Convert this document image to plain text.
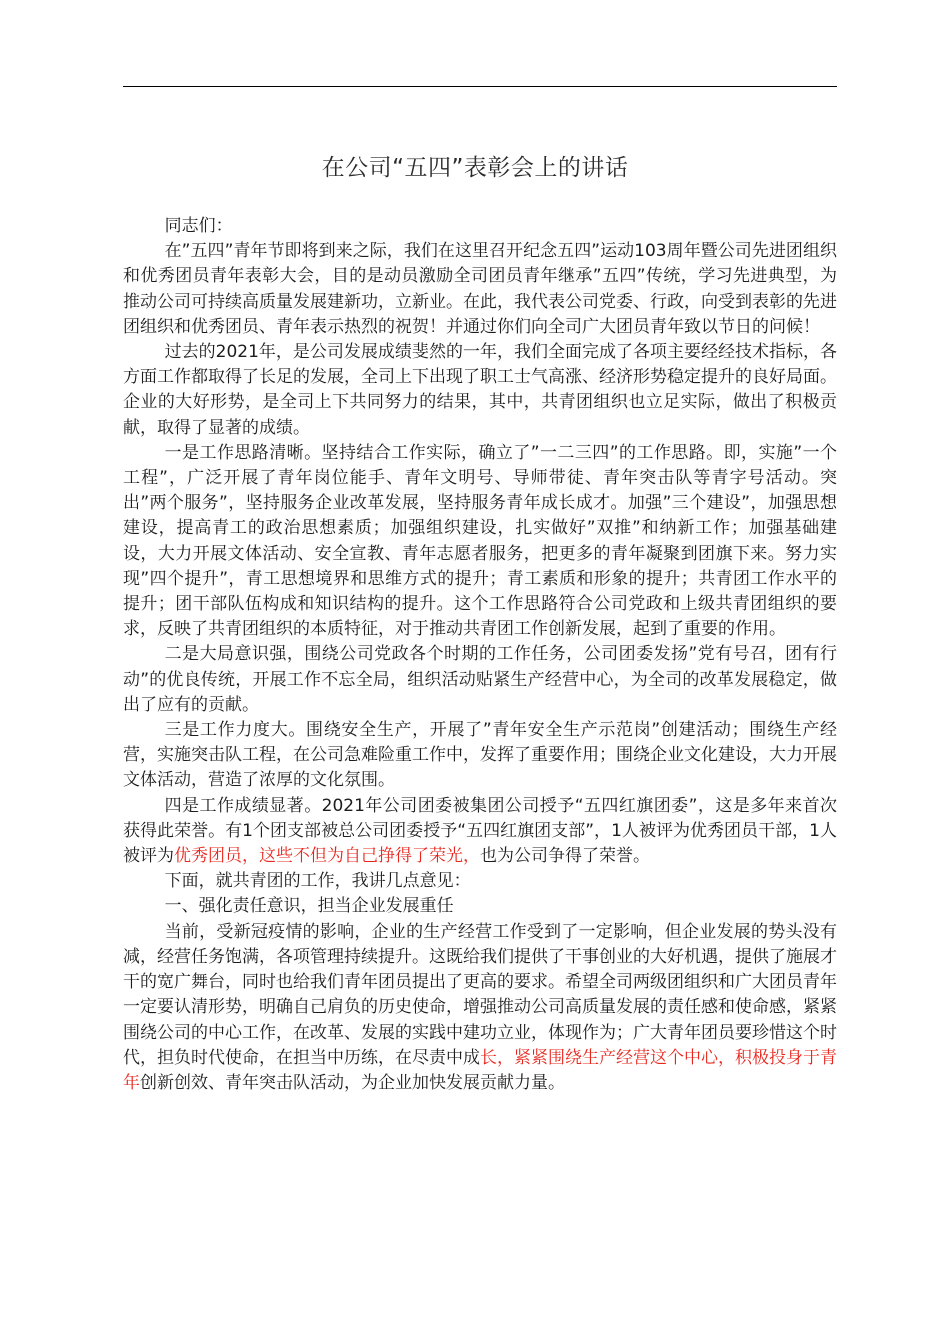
在公司“五四”表彰会上的讲话

同志们：

在”五四”青年节即将到来之际，我们在这里召开纪念五四”运动103周年暨公司先进团组织和优秀团员青年表彰大会，目的是动员激励全司团员青年继承”五四”传统，学习先进典型，为推动公司可持续高质量发展建新功，立新业。在此，我代表公司党委、行政，向受到表彰的先进团组织和优秀团员、青年表示热烈的祝贺！并通过你们向全司广大团员青年致以节日的问候！

过去的2021年，是公司发展成绩斐然的一年，我们全面完成了各项主要经经技术指标，各方面工作都取得了长足的发展，全司上下出现了职工士气高涨、经济形势稳定提升的良好局面。企业的大好形势，是全司上下共同努力的结果，其中，共青团组织也立足实际，做出了积极贡献，取得了显著的成绩。

一是工作思路清晰。坚持结合工作实际，确立了”一二三四”的工作思路。即，实施”一个工程”，广泛开展了青年岗位能手、青年文明号、导师带徒、青年突击队等青字号活动。突出”两个服务”，坚持服务企业改革发展，坚持服务青年成长成才。加强”三个建设”，加强思想建设，提高青工的政治思想素质；加强组织建设，扎实做好”双推”和纳新工作；加强基础建设，大力开展文体活动、安全宣教、青年志愿者服务，把更多的青年凝聚到团旗下来。努力实现”四个提升”，青工思想境界和思维方式的提升；青工素质和形象的提升；共青团工作水平的提升；团干部队伍构成和知识结构的提升。这个工作思路符合公司党政和上级共青团组织的要求，反映了共青团组织的本质特征，对于推动共青团工作创新发展，起到了重要的作用。

二是大局意识强，围绕公司党政各个时期的工作任务，公司团委发扬”党有号召，团有行动”的优良传统，开展工作不忘全局，组织活动贴紧生产经营中心，为全司的改革发展稳定，做出了应有的贡献。

三是工作力度大。围绕安全生产，开展了”青年安全生产示范岗”创建活动；围绕生产经营，实施突击队工程，在公司急难险重工作中，发挥了重要作用；围绕企业文化建设，大力开展文体活动，营造了浓厚的文化氛围。

四是工作成绩显著。2021年公司团委被集团公司授予“五四红旗团委”，这是多年来首次获得此荣誉。有1个团支部被总公司团委授予“五四红旗团支部”，1人被评为优秀团员干部，1人被评为优秀团员，这些不但为自己挣得了荣光，也为公司争得了荣誉。

下面，就共青团的工作，我讲几点意见：

一、强化责任意识，担当企业发展重任

当前，受新冠疫情的影响，企业的生产经营工作受到了一定影响，但企业发展的势头没有减，经营任务饱满，各项管理持续提升。这既给我们提供了干事创业的大好机遇，提供了施展才干的宽广舞台，同时也给我们青年团员提出了更高的要求。希望全司两级团组织和广大团员青年一定要认清形势，明确自己肩负的历史使命，增强推动公司高质量发展的责任感和使命感，紧紧围绕公司的中心工作，在改革、发展的实践中建功立业，体现作为；广大青年团员要珍惜这个时代，担负时代使命，在担当中历练，在尽责中成长，紧紧围绕生产经营这个中心，积极投身于青年创新创效、青年突击队活动，为企业加快发展贡献力量。
